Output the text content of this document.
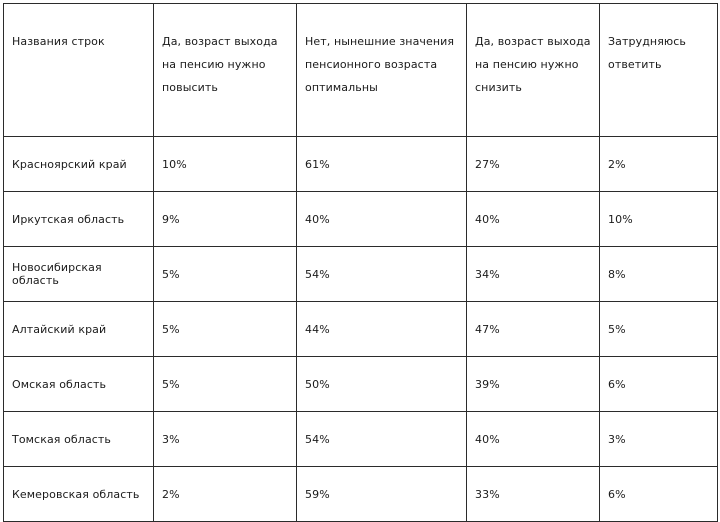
Названия строк	Да, возраст выхода на пенсию нужно повысить	Нет, нынешние значения пенсионного возраста оптимальны	Да, возраст выхода на пенсию нужно снизить	Затрудняюсь ответить
Красноярский край	10%	61%	27%	2%
Иркутская область	9%	40%	40%	10%
Новосибирская область	5%	54%	34%	8%
Алтайский край	5%	44%	47%	5%
Омская область	5%	50%	39%	6%
Томская область	3%	54%	40%	3%
Кемеровская область	2%	59%	33%	6%
